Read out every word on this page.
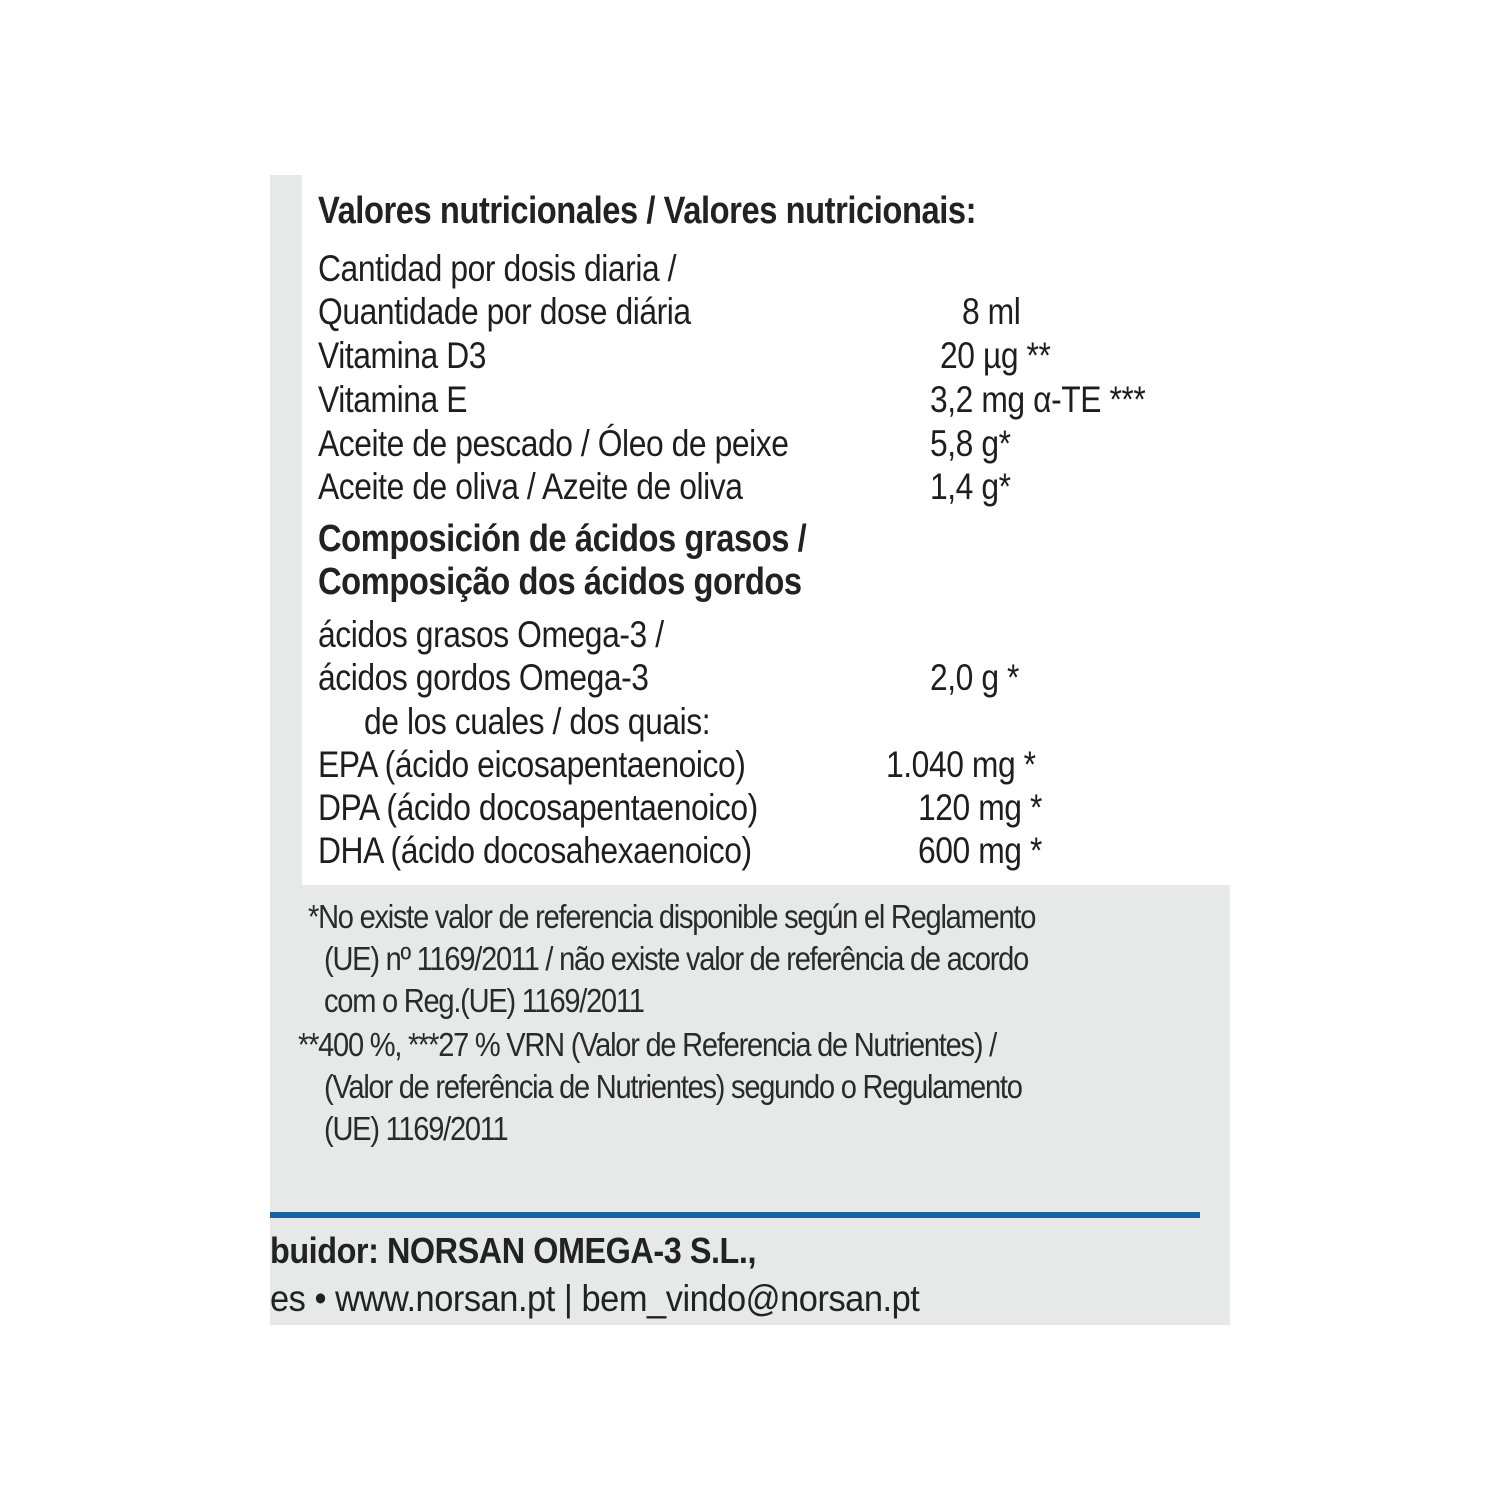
Valores nutricionales / Valores nutricionais:
Cantidad por dosis diaria /
Quantidade por dose diária	8 ml
Vitamina D3	20 µg **
Vitamina E	3,2 mg α-TE ***
Aceite de pescado / Óleo de peixe	5,8 g*
Aceite de oliva / Azeite de oliva	1,4 g*
Composición de ácidos grasos /
Composição dos ácidos gordos
ácidos grasos Omega-3 /
ácidos gordos Omega-3	2,0 g *
de los cuales / dos quais:
EPA (ácido eicosapentaenoico)	1.040 mg *
DPA (ácido docosapentaenoico)	120 mg *
DHA (ácido docosahexaenoico)	600 mg *
*No existe valor de referencia disponible según el Reglamento
(UE) nº 1169/2011 / não existe valor de referência de acordo
com o Reg.(UE) 1169/2011
**400 %, ***27 % VRN (Valor de Referencia de Nutrientes) /
(Valor de referência de Nutrientes) segundo o Regulamento
(UE) 1169/2011
buidor: NORSAN OMEGA-3 S.L.,
es • www.norsan.pt | bem_vindo@norsan.pt
